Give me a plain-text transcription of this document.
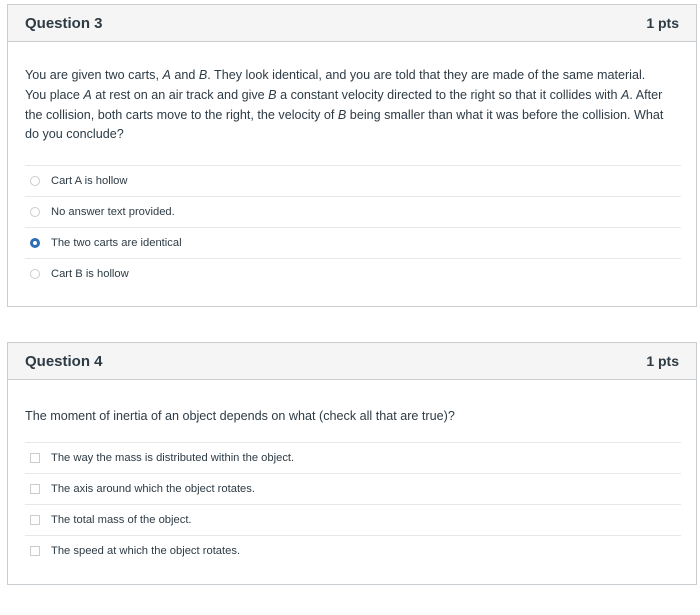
Question 3	1 pts
You are given two carts, A and B. They look identical, and you are told that they are made of the same material. You place A at rest on an air track and give B a constant velocity directed to the right so that it collides with A. After the collision, both carts move to the right, the velocity of B being smaller than what it was before the collision. What do you conclude?
Cart A is hollow
No answer text provided.
The two carts are identical
Cart B is hollow
Question 4	1 pts
The moment of inertia of an object depends on what (check all that are true)?
The way the mass is distributed within the object.
The axis around which the object rotates.
The total mass of the object.
The speed at which the object rotates.
